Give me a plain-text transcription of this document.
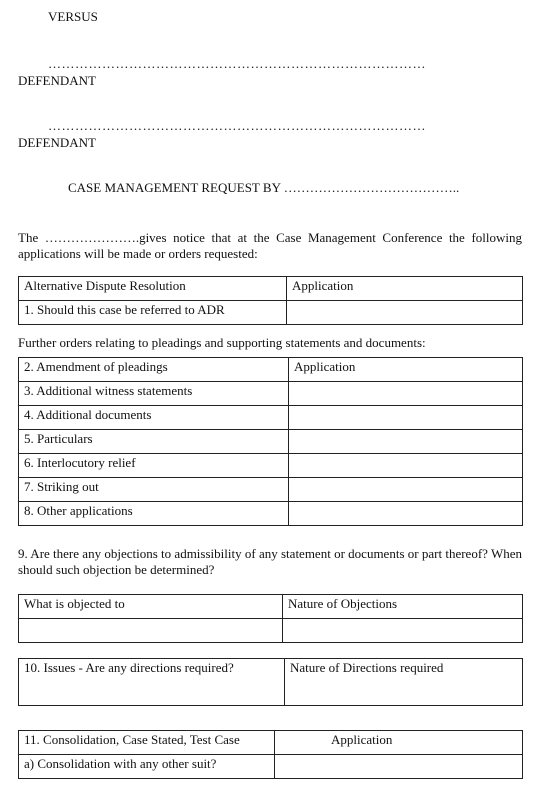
VERSUS
…………………………………………………………………………
DEFENDANT
…………………………………………………………………………
DEFENDANT
CASE MANAGEMENT REQUEST BY …………………………………..
The ………………….gives notice that at the Case Management Conference the following applications will be made or orders requested:
Alternative Dispute Resolution	Application
1. Should this case be referred to ADR	
Further orders relating to pleadings and supporting statements and documents:
2. Amendment of pleadings	Application
3. Additional witness statements	
4. Additional documents	
5. Particulars	
6. Interlocutory relief	
7. Striking out	
8. Other applications	
9. Are there any objections to admissibility of any statement or documents or part thereof? When should such objection be determined?
What is objected to	Nature of Objections

10. Issues - Are any directions required?	Nature of Directions required
11. Consolidation, Case Stated, Test Case	Application
a) Consolidation with any other suit?	
